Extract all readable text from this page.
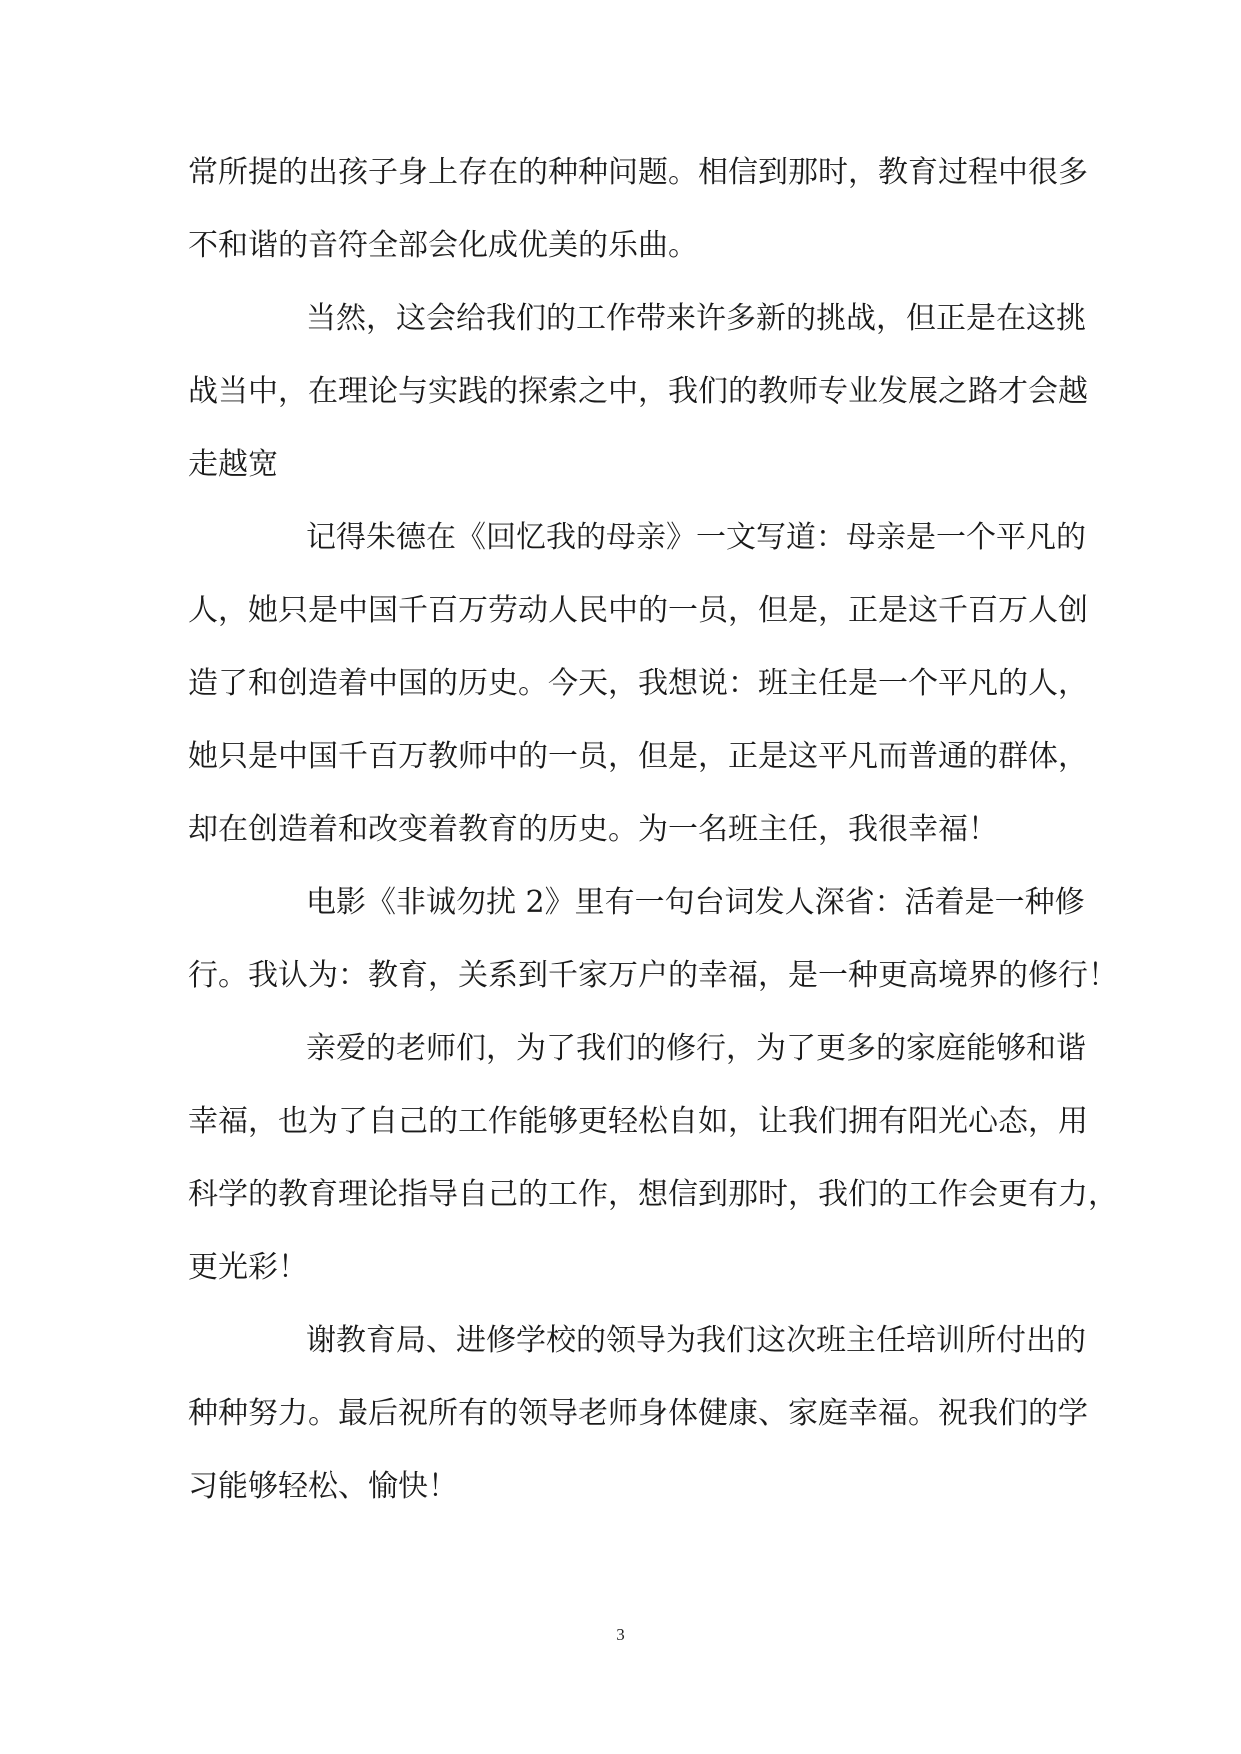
常所提的出孩子身上存在的种种问题。相信到那时，教育过程中很多
不和谐的音符全部会化成优美的乐曲。
当然，这会给我们的工作带来许多新的挑战，但正是在这挑
战当中，在理论与实践的探索之中，我们的教师专业发展之路才会越
走越宽
记得朱德在《回忆我的母亲》一文写道：母亲是一个平凡的
人，她只是中国千百万劳动人民中的一员，但是，正是这千百万人创
造了和创造着中国的历史。今天，我想说：班主任是一个平凡的人，
她只是中国千百万教师中的一员，但是，正是这平凡而普通的群体，
却在创造着和改变着教育的历史。为一名班主任，我很幸福！
电影《非诚勿扰 2》里有一句台词发人深省：活着是一种修
行。我认为：教育，关系到千家万户的幸福，是一种更高境界的修行！
亲爱的老师们，为了我们的修行，为了更多的家庭能够和谐
幸福，也为了自己的工作能够更轻松自如，让我们拥有阳光心态，用
科学的教育理论指导自己的工作，想信到那时，我们的工作会更有力，
更光彩！
谢教育局、进修学校的领导为我们这次班主任培训所付出的
种种努力。最后祝所有的领导老师身体健康、家庭幸福。祝我们的学
习能够轻松、愉快！
3
